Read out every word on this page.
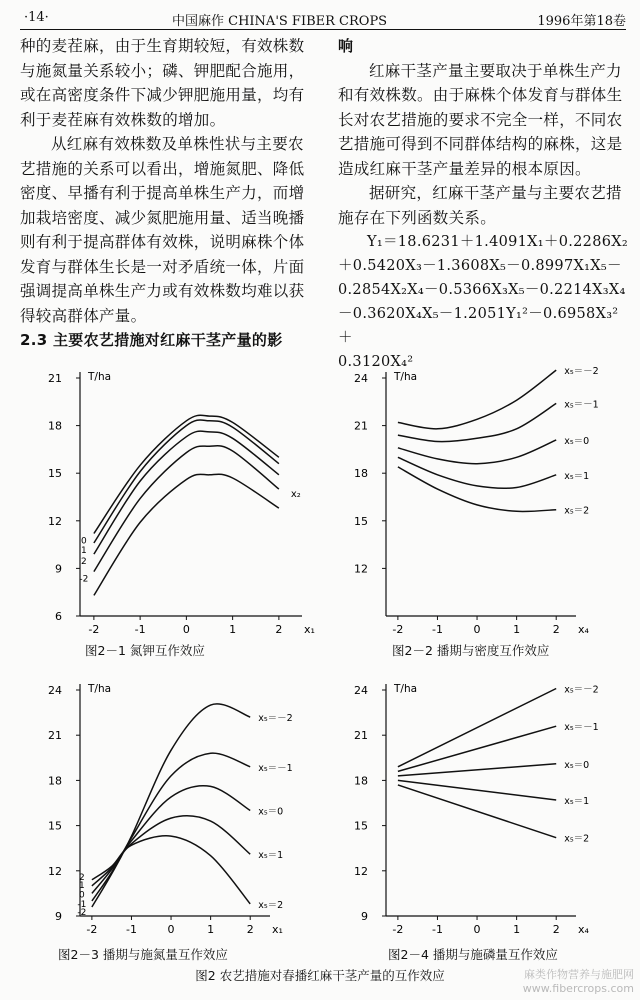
·14·	中国麻作 CHINA'S FIBER CROPS	1996年第18卷

种的麦茬麻，由于生育期较短，有效株数与施氮量关系较小；磷、钾肥配合施用，或在高密度条件下减少钾肥施用量，均有利于麦茬麻有效株数的增加。

从红麻有效株数及单株性状与主要农艺措施的关系可以看出，增施氮肥、降低密度、早播有利于提高单株生产力，而增加栽培密度、减少氮肥施用量、适当晚播则有利于提高群体有效株，说明麻株个体发育与群体生长是一对矛盾统一体，片面强调提高单株生产力或有效株数均难以获得较高群体产量。

2.3 主要农艺措施对红麻干茎产量的影

响

红麻干茎产量主要取决于单株生产力和有效株数。由于麻株个体发育与群体生长对农艺措施的要求不完全一样，不同农艺措施可得到不同群体结构的麻株，这是造成红麻干茎产量差异的根本原因。

据研究，红麻干茎产量与主要农艺措施存在下列函数关系。

Y₁＝18.6231＋1.4091X₁＋0.2286X₂
＋0.5420X₃－1.3608X₅－0.8997X₁X₅－
0.2854X₂X₄－0.5366X₃X₅－0.2214X₃X₄
－0.3620X₄X₅－1.2051Y₁²－0.6958X₃²＋
0.3120X₄²
T/ha
6
9
12
15
18
21
-2	-1	0	1	2 x₁
x₂
0
1
2
-2
T/ha
12
15
18
21
24
-2	-1	0	1	2 x₄
x₅＝－2
x₅＝－1
x₅＝0
x₅＝1
x₅＝2
T/ha
9
12
15
18
21
24
-2	-1	0	1	2 x₁
x₅＝－2
x₅＝－1
x₅＝0
x₅＝1
x₅＝2
2
1
0
-1
-2
T/ha
9
12
15
18
21
24
-2	-1	0	1	2 x₄
x₅＝－2
x₅＝－1
x₅＝0
x₅＝1
x₅＝2
图2－1 氮钾互作效应	图2－2 播期与密度互作效应
图2－3 播期与施氮量互作效应	图2－4 播期与施磷量互作效应
图2 农艺措施对春播红麻干茎产量的互作效应	麻类作物营养与施肥网
www.fibercrops.com
